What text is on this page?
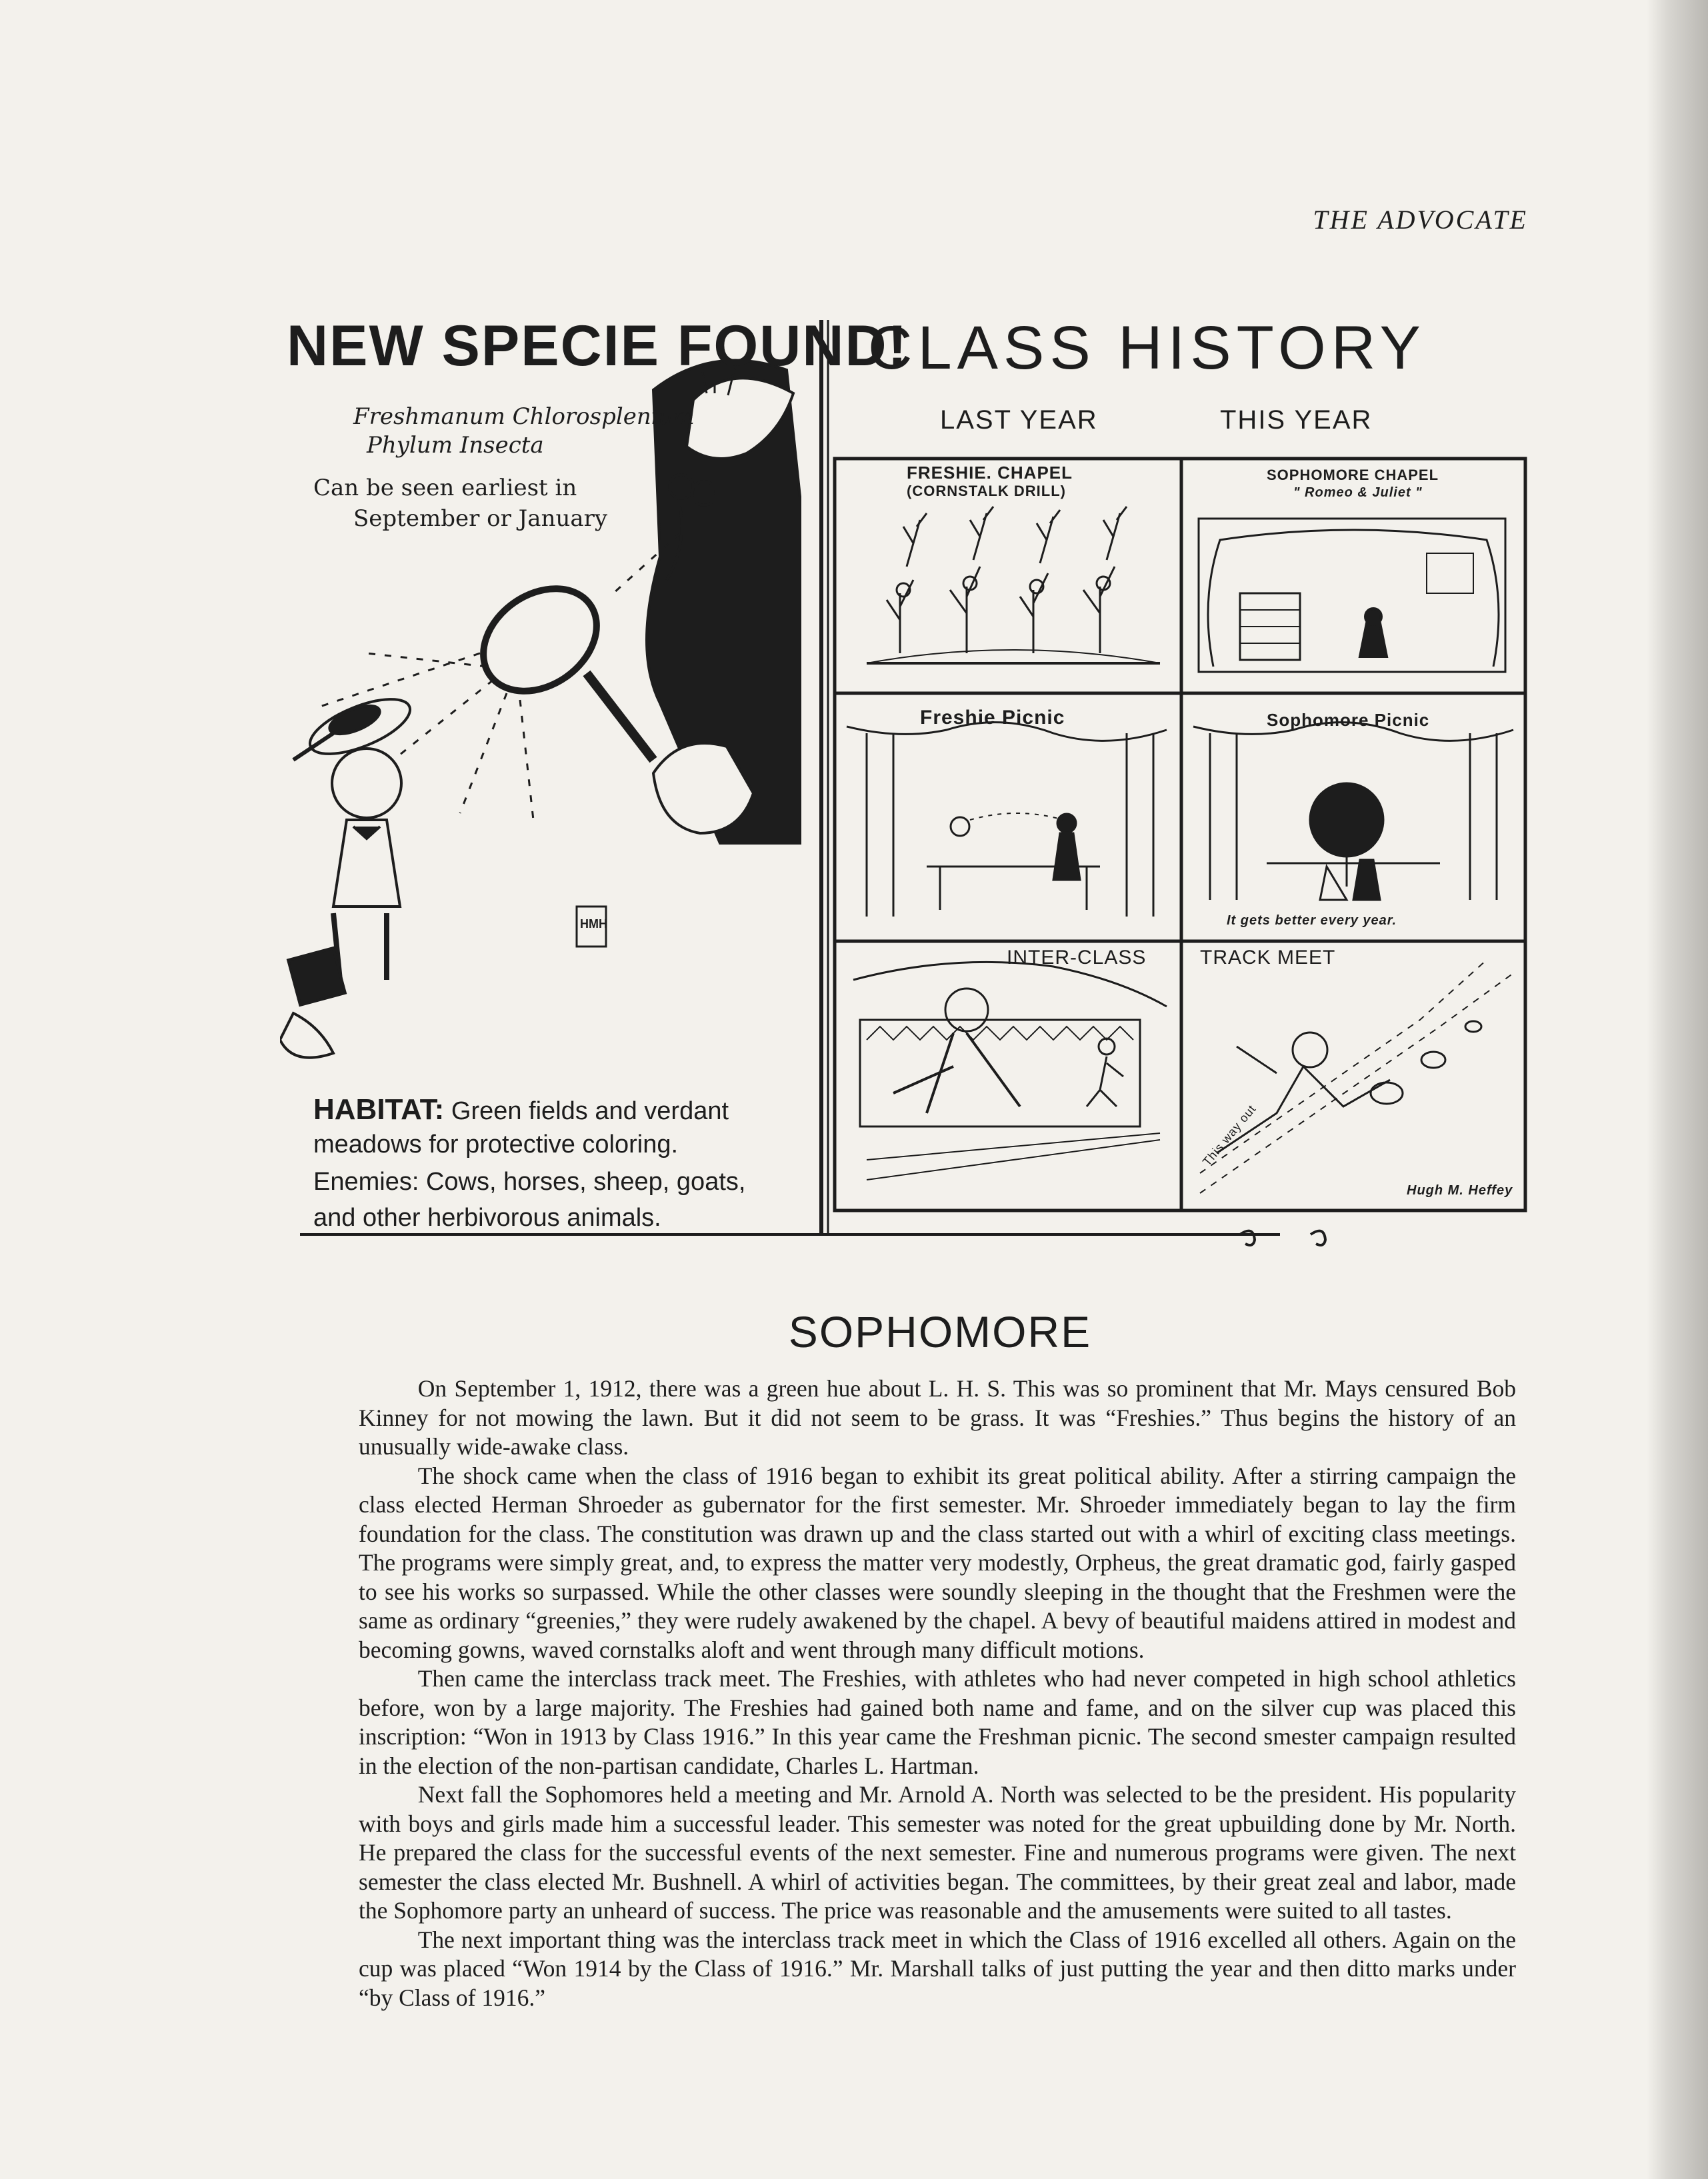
THE ADVOCATE
NEW SPECIE FOUND!
CLASS HISTORY
Freshmanum Chlorosplenium
Phylum Insecta
Can be seen earliest in
September or January
HMH
HABITAT: Green fields and verdant
meadows for protective coloring.
Enemies: Cows, horses, sheep, goats,
and other herbivorous animals.
LAST YEAR	THIS YEAR
FRESHIE. CHAPEL
(CORNSTALK DRILL)
SOPHOMORE CHAPEL
" Romeo & Juliet "
Freshie Picnic	Sophomore Picnic
It gets better every year.
INTER-CLASS	TRACK MEET
This way out
Hugh M. Heffey
SOPHOMORE

On September 1, 1912, there was a green hue about L. H. S. This was so prominent that Mr. Mays censured Bob Kinney for not mowing the lawn. But it did not seem to be grass. It was “Freshies.” Thus begins the history of an unusually wide-awake class.

The shock came when the class of 1916 began to exhibit its great political ability. After a stirring campaign the class elected Herman Shroeder as gubernator for the first semester. Mr. Shroeder immediately began to lay the firm foundation for the class. The constitution was drawn up and the class started out with a whirl of exciting class meetings. The programs were simply great, and, to express the matter very modestly, Orpheus, the great dramatic god, fairly gasped to see his works so surpassed. While the other classes were soundly sleeping in the thought that the Freshmen were the same as ordinary “greenies,” they were rudely awakened by the chapel. A bevy of beautiful maidens attired in modest and becoming gowns, waved cornstalks aloft and went through many difficult motions.

Then came the interclass track meet. The Freshies, with athletes who had never competed in high school athletics before, won by a large majority. The Freshies had gained both name and fame, and on the silver cup was placed this inscription: “Won in 1913 by Class 1916.” In this year came the Freshman picnic. The second smester campaign resulted in the election of the non-partisan candidate, Charles L. Hartman.

Next fall the Sophomores held a meeting and Mr. Arnold A. North was selected to be the president. His popularity with boys and girls made him a successful leader. This semester was noted for the great upbuilding done by Mr. North. He prepared the class for the successful events of the next semester. Fine and numerous programs were given. The next semester the class elected Mr. Bushnell. A whirl of activities began. The committees, by their great zeal and labor, made the Sophomore party an unheard of success. The price was reasonable and the amusements were suited to all tastes.

The next important thing was the interclass track meet in which the Class of 1916 excelled all others. Again on the cup was placed “Won 1914 by the Class of 1916.” Mr. Marshall talks of just putting the year and then ditto marks under “by Class of 1916.”
